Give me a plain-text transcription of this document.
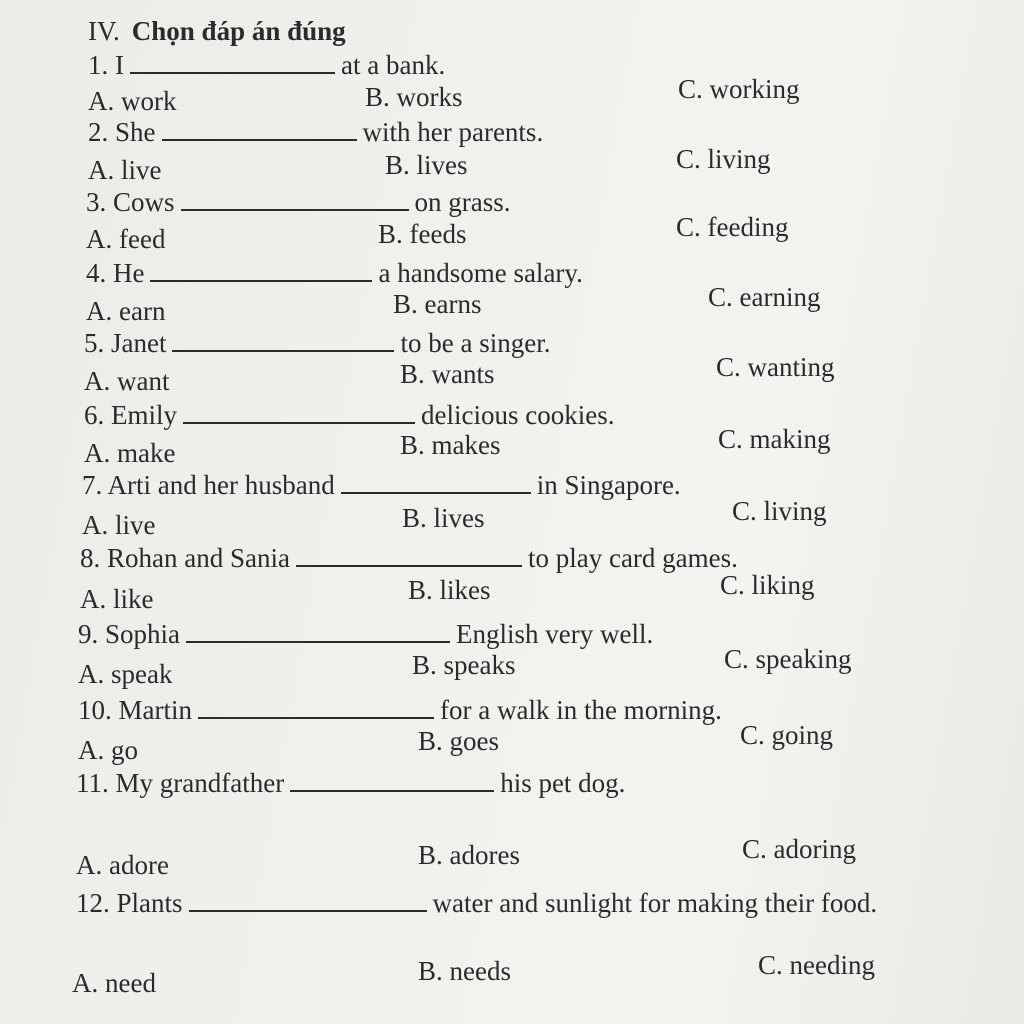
IV. Chọn đáp án đúng
1. I	at a bank.
A. work	B. works	C. working
2. She	with her parents.
A. live	B. lives	C. living
3. Cows	on grass.
A. feed	B. feeds	C. feeding
4. He	a handsome salary.
A. earn	B. earns	C. earning
5. Janet	to be a singer.
A. want	B. wants	C. wanting
6. Emily	delicious cookies.
A. make	B. makes	C. making
7. Arti and her husband	in Singapore.
A. live	B. lives	C. living
8. Rohan and Sania	to play card games.
A. like	B. likes	C. liking
9. Sophia	English very well.
A. speak	B. speaks	C. speaking
10. Martin	for a walk in the morning.
A. go	B. goes	C. going
11. My grandfather	his pet dog.
A. adore	B. adores	C. adoring
12. Plants	water and sunlight for making their food.
A. need	B. needs	C. needing
